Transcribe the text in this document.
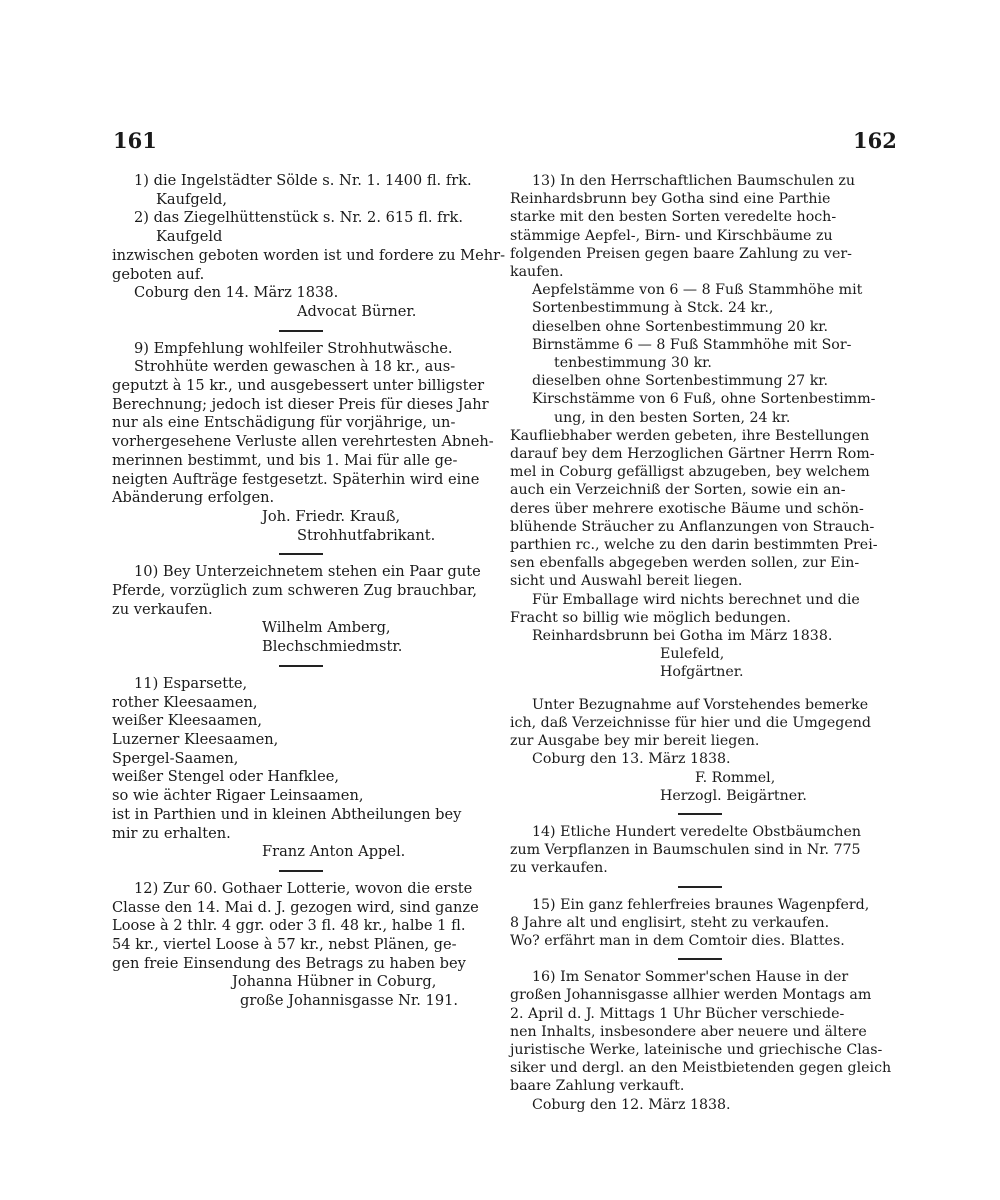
161	162
1) die Ingelstädter Sölde s. Nr. 1. 1400 fl. frk.
Kaufgeld,
2) das Ziegelhüttenstück s. Nr. 2. 615 fl. frk.
Kaufgeld
inzwischen geboten worden ist und fordere zu Mehr-
geboten auf.
Coburg den 14. März 1838.
Advocat Bürner.
9) Empfehlung wohlfeiler Strohhutwäsche.
Strohhüte werden gewaschen à 18 kr., aus-
geputzt à 15 kr., und ausgebessert unter billigster
Berechnung; jedoch ist dieser Preis für dieses Jahr
nur als eine Entschädigung für vorjährige, un-
vorhergesehene Verluste allen verehrtesten Abneh-
merinnen bestimmt, und bis 1. Mai für alle ge-
neigten Aufträge festgesetzt. Späterhin wird eine
Abänderung erfolgen.
Joh. Friedr. Krauß,
Strohhutfabrikant.
10) Bey Unterzeichnetem stehen ein Paar gute
Pferde, vorzüglich zum schweren Zug brauchbar,
zu verkaufen.
Wilhelm Amberg,
Blechschmiedmstr.
11) Esparsette,
rother Kleesaamen,
weißer Kleesaamen,
Luzerner Kleesaamen,
Spergel-Saamen,
weißer Stengel oder Hanfklee,
so wie ächter Rigaer Leinsaamen,
ist in Parthien und in kleinen Abtheilungen bey
mir zu erhalten.
Franz Anton Appel.
12) Zur 60. Gothaer Lotterie, wovon die erste
Classe den 14. Mai d. J. gezogen wird, sind ganze
Loose à 2 thlr. 4 ggr. oder 3 fl. 48 kr., halbe 1 fl.
54 kr., viertel Loose à 57 kr., nebst Plänen, ge-
gen freie Einsendung des Betrags zu haben bey
Johanna Hübner in Coburg,
große Johannisgasse Nr. 191.
13) In den Herrschaftlichen Baumschulen zu
Reinhardsbrunn bey Gotha sind eine Parthie
starke mit den besten Sorten veredelte hoch-
stämmige Aepfel-, Birn- und Kirschbäume zu
folgenden Preisen gegen baare Zahlung zu ver-
kaufen.
Aepfelstämme von 6 — 8 Fuß Stammhöhe mit
Sortenbestimmung à Stck. 24 kr.,
dieselben ohne Sortenbestimmung 20 kr.
Birnstämme 6 — 8 Fuß Stammhöhe mit Sor-
tenbestimmung 30 kr.
dieselben ohne Sortenbestimmung 27 kr.
Kirschstämme von 6 Fuß, ohne Sortenbestimm-
ung, in den besten Sorten, 24 kr.
Kaufliebhaber werden gebeten, ihre Bestellungen
darauf bey dem Herzoglichen Gärtner Herrn Rom-
mel in Coburg gefälligst abzugeben, bey welchem
auch ein Verzeichniß der Sorten, sowie ein an-
deres über mehrere exotische Bäume und schön-
blühende Sträucher zu Anflanzungen von Strauch-
parthien rc., welche zu den darin bestimmten Prei-
sen ebenfalls abgegeben werden sollen, zur Ein-
sicht und Auswahl bereit liegen.
Für Emballage wird nichts berechnet und die
Fracht so billig wie möglich bedungen.
Reinhardsbrunn bei Gotha im März 1838.
Eulefeld,
Hofgärtner.
Unter Bezugnahme auf Vorstehendes bemerke
ich, daß Verzeichnisse für hier und die Umgegend
zur Ausgabe bey mir bereit liegen.
Coburg den 13. März 1838.
F. Rommel,
Herzogl. Beigärtner.
14) Etliche Hundert veredelte Obstbäumchen
zum Verpflanzen in Baumschulen sind in Nr. 775
zu verkaufen.
15) Ein ganz fehlerfreies braunes Wagenpferd,
8 Jahre alt und englisirt, steht zu verkaufen.
Wo? erfährt man in dem Comtoir dies. Blattes.
16) Im Senator Sommer'schen Hause in der
großen Johannisgasse allhier werden Montags am
2. April d. J. Mittags 1 Uhr Bücher verschiede-
nen Inhalts, insbesondere aber neuere und ältere
juristische Werke, lateinische und griechische Clas-
siker und dergl. an den Meistbietenden gegen gleich
baare Zahlung verkauft.
Coburg den 12. März 1838.
